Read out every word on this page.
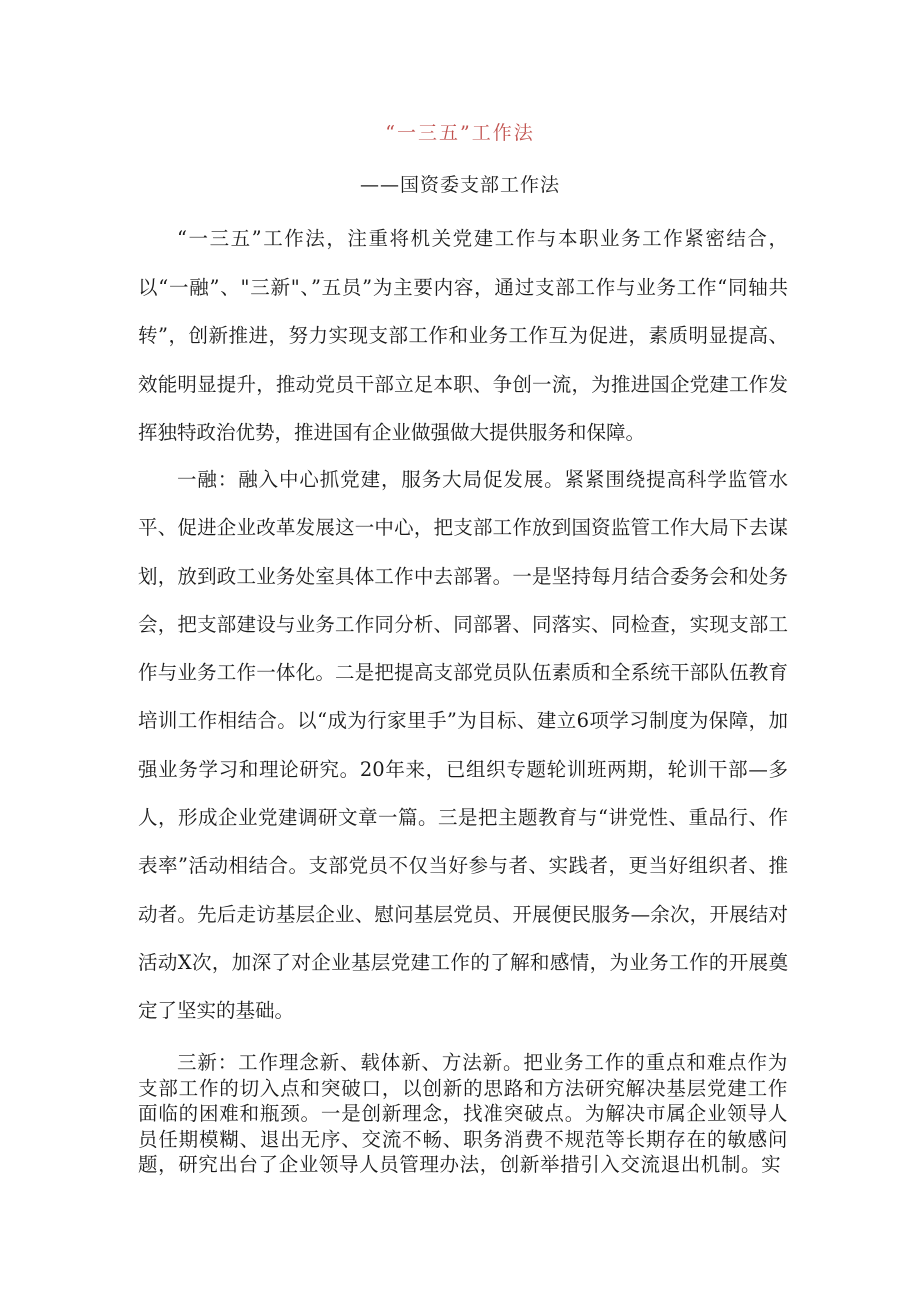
“一三五”工作法
——国资委支部工作法

“一三五”工作法，注重将机关党建工作与本职业务工作紧密结合，以“一融”、"三新"、”五员”为主要内容，通过支部工作与业务工作“同轴共转”，创新推进，努力实现支部工作和业务工作互为促进，素质明显提高、效能明显提升，推动党员干部立足本职、争创一流，为推进国企党建工作发挥独特政治优势，推进国有企业做强做大提供服务和保障。

一融：融入中心抓党建，服务大局促发展。紧紧围绕提高科学监管水平、促进企业改革发展这一中心，把支部工作放到国资监管工作大局下去谋划，放到政工业务处室具体工作中去部署。一是坚持每月结合委务会和处务会，把支部建设与业务工作同分析、同部署、同落实、同检查，实现支部工作与业务工作一体化。二是把提高支部党员队伍素质和全系统干部队伍教育培训工作相结合。以“成为行家里手”为目标、建立6项学习制度为保障，加强业务学习和理论研究。20年来，已组织专题轮训班两期，轮训干部—多人，形成企业党建调研文章一篇。三是把主题教育与“讲党性、重品行、作表率”活动相结合。支部党员不仅当好参与者、实践者，更当好组织者、推动者。先后走访基层企业、慰问基层党员、开展便民服务—余次，开展结对活动X次，加深了对企业基层党建工作的了解和感情，为业务工作的开展奠定了坚实的基础。

三新：工作理念新、载体新、方法新。把业务工作的重点和难点作为支部工作的切入点和突破口，以创新的思路和方法研究解决基层党建工作面临的困难和瓶颈。一是创新理念，找准突破点。为解决市属企业领导人员任期模糊、退出无序、交流不畅、职务消费不规范等长期存在的敏感问题，研究出台了企业领导人员管理办法，创新举措引入交流退出机制。实
